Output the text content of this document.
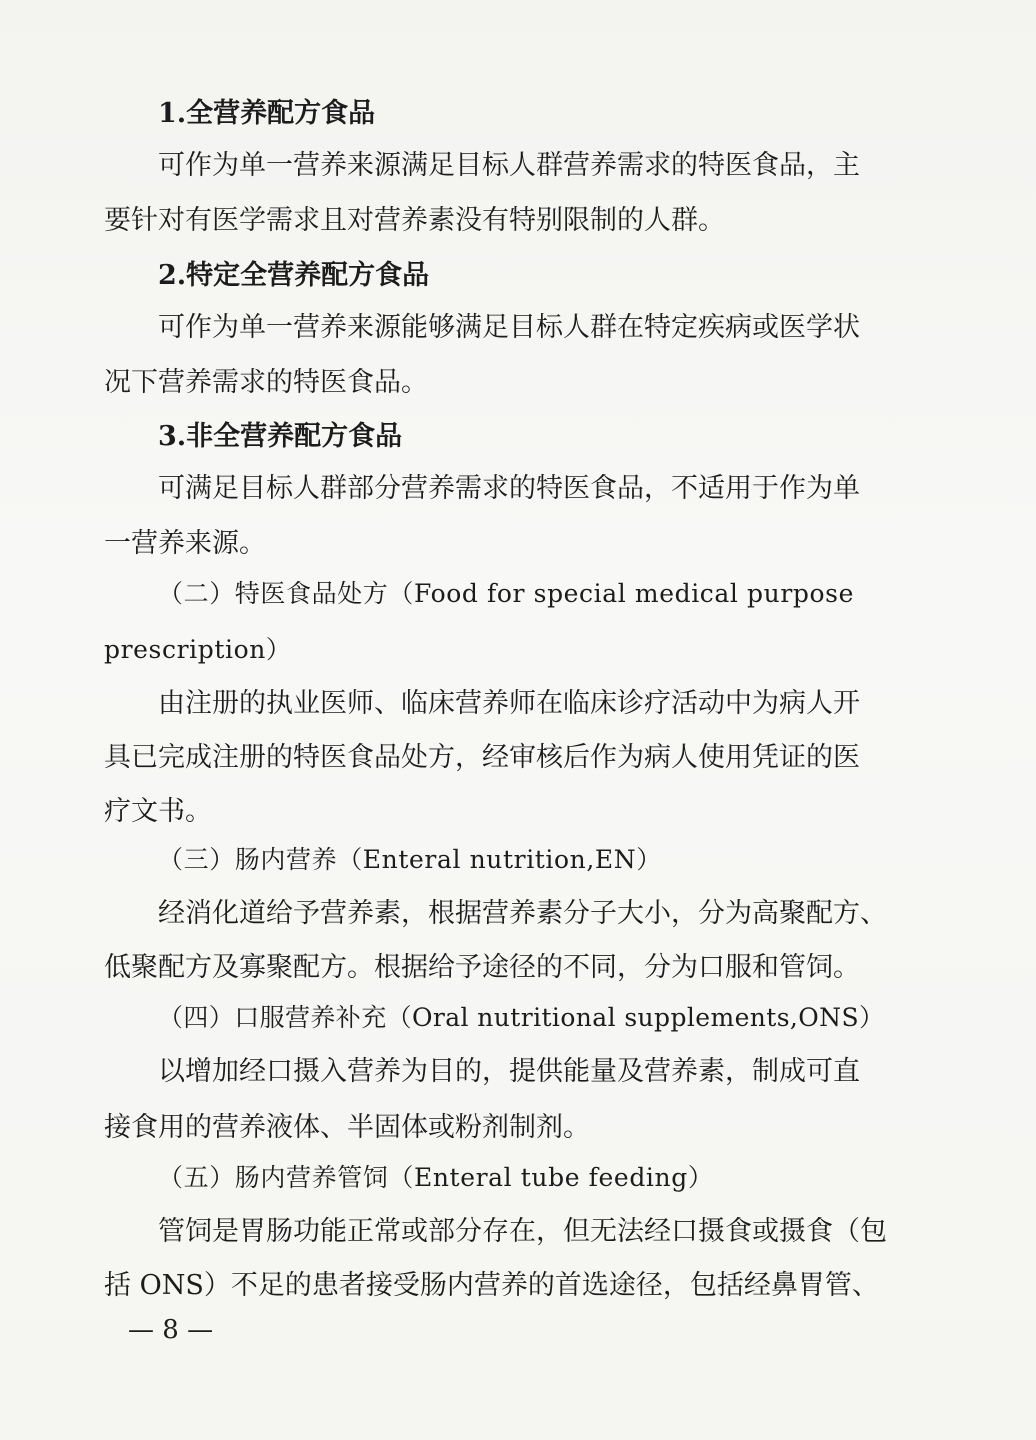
1.全营养配方食品
可作为单一营养来源满足目标人群营养需求的特医食品，主
要针对有医学需求且对营养素没有特别限制的人群。
2.特定全营养配方食品
可作为单一营养来源能够满足目标人群在特定疾病或医学状
况下营养需求的特医食品。
3.非全营养配方食品
可满足目标人群部分营养需求的特医食品，不适用于作为单
一营养来源。
（二）特医食品处方（Food for special medical purpose
prescription）
由注册的执业医师、临床营养师在临床诊疗活动中为病人开
具已完成注册的特医食品处方，经审核后作为病人使用凭证的医
疗文书。
（三）肠内营养（Enteral nutrition,EN）
经消化道给予营养素，根据营养素分子大小，分为高聚配方、
低聚配方及寡聚配方。根据给予途径的不同，分为口服和管饲。
（四）口服营养补充（Oral nutritional supplements,ONS）
以增加经口摄入营养为目的，提供能量及营养素，制成可直
接食用的营养液体、半固体或粉剂制剂。
（五）肠内营养管饲（Enteral tube feeding）
管饲是胃肠功能正常或部分存在，但无法经口摄食或摄食（包
括 ONS）不足的患者接受肠内营养的首选途径，包括经鼻胃管、
— 8 —
